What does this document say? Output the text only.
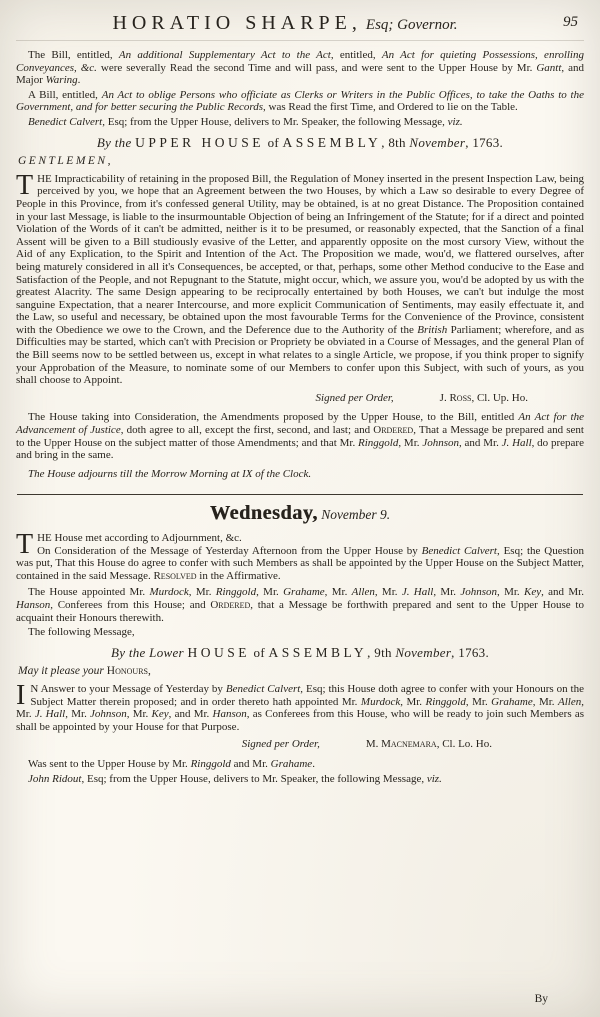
HORATIO SHARPE, Esq; Governor.	95

The Bill, entitled, An additional Supplementary Act to the Act, entitled, An Act for quieting Possessions, enrolling Conveyances, &c. were severally Read the second Time and will pass, and were sent to the Upper House by Mr. Gantt, and Major Waring.

A Bill, entitled, An Act to oblige Persons who officiate as Clerks or Writers in the Public Offices, to take the Oaths to the Government, and for better securing the Public Records, was Read the first Time, and Ordered to lie on the Table.

Benedict Calvert, Esq; from the Upper House, delivers to Mr. Speaker, the following Message, viz.

By the UPPER HOUSE of ASSEMBLY, 8th November, 1763.

GENTLEMEN,

THE Impracticability of retaining in the proposed Bill, the Regulation of Money inserted in the present Inspection Law, being perceived by you, we hope that an Agreement between the two Houses, by which a Law so desirable to every Degree of People in this Province, from it's confessed general Utility, may be obtained, is at no great Distance. The Proposition contained in your last Message, is liable to the insurmountable Objection of being an Infringement of the Statute; for if a direct and pointed Violation of the Words of it can't be admitted, neither is it to be presumed, or reasonably expected, that the Sanction of a final Assent will be given to a Bill studiously evasive of the Letter, and apparently opposite on the most cursory View, without the Aid of any Explication, to the Spirit and Intention of the Act. The Proposition we made, wou'd, we flattered ourselves, after being maturely considered in all it's Consequences, be accepted, or that, perhaps, some other Method conducive to the Ease and Satisfaction of the People, and not Repugnant to the Statute, might occur, which, we assure you, wou'd be adopted by us with the greatest Alacrity. The same Design appearing to be reciprocally entertained by both Houses, we can't but indulge the most sanguine Expectation, that a nearer Intercourse, and more explicit Communication of Sentiments, may easily effectuate it, and the Law, so useful and necessary, be obtained upon the most favourable Terms for the Convenience of the Province, consistent with the Obedience we owe to the Crown, and the Deference due to the Authority of the British Parliament; wherefore, and as Difficulties may be started, which can't with Precision or Propriety be obviated in a Course of Messages, and the general Plan of the Bill seems now to be settled between us, except in what relates to a single Article, we propose, if you think proper to signify your Approbation of the Measure, to nominate some of our Members to confer upon this Subject, with such of yours, as you shall choose to Appoint.

Signed per Order,	J. Ross, Cl. Up. Ho.

The House taking into Consideration, the Amendments proposed by the Upper House, to the Bill, entitled An Act for the Advancement of Justice, doth agree to all, except the first, second, and last; and Ordered, That a Message be prepared and sent to the Upper House on the subject matter of those Amendments; and that Mr. Ringgold, Mr. Johnson, and Mr. J. Hall, do prepare and bring in the same.

The House adjourns till the Morrow Morning at IX of the Clock.

Wednesday, November 9.

THE House met according to Adjournment, &c.
On Consideration of the Message of Yesterday Afternoon from the Upper House by Benedict Calvert, Esq; the Question was put, That this House do agree to confer with such Members as shall be appointed by the Upper House on the Subject Matter, contained in the said Message. Resolved in the Affirmative.

The House appointed Mr. Murdock, Mr. Ringgold, Mr. Grahame, Mr. Allen, Mr. J. Hall, Mr. Johnson, Mr. Key, and Mr. Hanson, Conferees from this House; and Ordered, that a Message be forthwith prepared and sent to the Upper House to acquaint their Honours therewith.

The following Message,

By the Lower HOUSE of ASSEMBLY, 9th November, 1763.

May it please your Honours,

I N Answer to your Message of Yesterday by Benedict Calvert, Esq; this House doth agree to confer with your Honours on the Subject Matter therein proposed; and in order thereto hath appointed Mr. Murdock, Mr. Ringgold, Mr. Grahame, Mr. Allen, Mr. J. Hall, Mr. Johnson, Mr. Key, and Mr. Hanson, as Conferees from this House, who will be ready to join such Members as shall be appointed by your House for that Purpose.

Signed per Order,	M. Macnemara, Cl. Lo. Ho.

Was sent to the Upper House by Mr. Ringgold and Mr. Grahame.

John Ridout, Esq; from the Upper House, delivers to Mr. Speaker, the following Message, viz.

By
